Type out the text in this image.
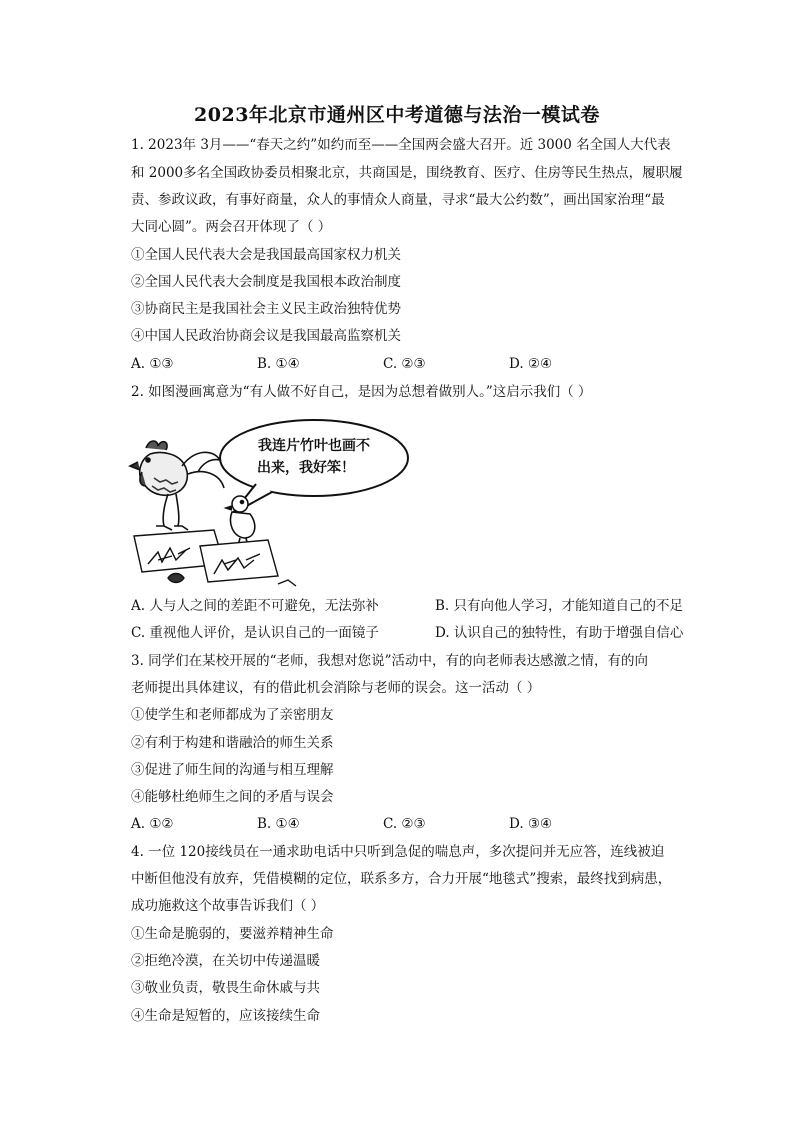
2023年北京市通州区中考道德与法治一模试卷
1. 2023年 3月——“春天之约”如约而至——全国两会盛大召开。近 3000 名全国人大代表
和 2000多名全国政协委员相聚北京，共商国是，围绕教育、医疗、住房等民生热点，履职履
责、参政议政，有事好商量，众人的事情众人商量，寻求“最大公约数”，画出国家治理“最
大同心圆”。两会召开体现了（ ）
①全国人民代表大会是我国最高国家权力机关
②全国人民代表大会制度是我国根本政治制度
③协商民主是我国社会主义民主政治独特优势
④中国人民政治协商会议是我国最高监察机关
A. ①③	B. ①④	C. ②③	D. ②④
2. 如图漫画寓意为“有人做不好自己，是因为总想着做别人。”这启示我们（ ）
我连片竹叶也画不
出来，我好笨！
A. 人与人之间的差距不可避免，无法弥补	B. 只有向他人学习，才能知道自己的不足
C. 重视他人评价，是认识自己的一面镜子	D. 认识自己的独特性，有助于增强自信心
3. 同学们在某校开展的“老师，我想对您说”活动中，有的向老师表达感激之情，有的向
老师提出具体建议，有的借此机会消除与老师的误会。这一活动（ ）
①使学生和老师都成为了亲密朋友
②有利于构建和谐融洽的师生关系
③促进了师生间的沟通与相互理解
④能够杜绝师生之间的矛盾与误会
A. ①②	B. ①④	C. ②③	D. ③④
4. 一位 120接线员在一通求助电话中只听到急促的喘息声，多次提问并无应答，连线被迫
中断但他没有放弃，凭借模糊的定位，联系多方，合力开展“地毯式”搜索，最终找到病患，
成功施救这个故事告诉我们（ ）
①生命是脆弱的，要滋养精神生命
②拒绝冷漠，在关切中传递温暖
③敬业负责，敬畏生命休戚与共
④生命是短暂的，应该接续生命
